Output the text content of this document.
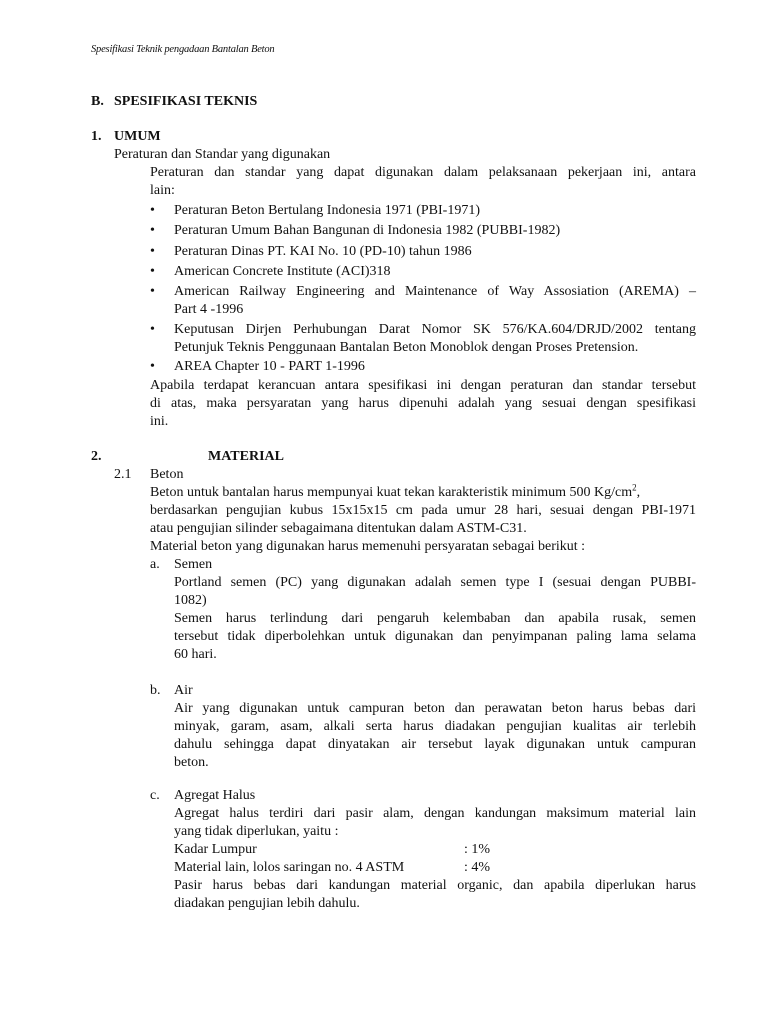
Spesifikasi Teknik pengadaan Bantalan Beton
B. SPESIFIKASI TEKNIS
1. UMUM
Peraturan dan Standar yang digunakan
Peraturan dan standar yang dapat digunakan dalam pelaksanaan pekerjaan ini, antara
lain:
• Peraturan Beton Bertulang Indonesia 1971 (PBI-1971)
• Peraturan Umum Bahan Bangunan di Indonesia 1982 (PUBBI-1982)
• Peraturan Dinas PT. KAI No. 10 (PD-10) tahun 1986
• American Concrete Institute (ACI)318
• American Railway Engineering and Maintenance of Way Assosiation (AREMA) –
Part 4 -1996
• Keputusan Dirjen Perhubungan Darat Nomor SK 576/KA.604/DRJD/2002 tentang
Petunjuk Teknis Penggunaan Bantalan Beton Monoblok dengan Proses Pretension.
• AREA Chapter 10 - PART 1-1996
Apabila terdapat kerancuan antara spesifikasi ini dengan peraturan dan standar tersebut
di atas, maka persyaratan yang harus dipenuhi adalah yang sesuai dengan spesifikasi
ini.
2.	MATERIAL
2.1 Beton
Beton untuk bantalan harus mempunyai kuat tekan karakteristik minimum 500 $Kg/cm^2$,
berdasarkan pengujian kubus 15x15x15 cm pada umur 28 hari, sesuai dengan PBI-1971
atau pengujian silinder sebagaimana ditentukan dalam ASTM-C31.
Material beton yang digunakan harus memenuhi persyaratan sebagai berikut :
a. Semen
Portland semen (PC) yang digunakan adalah semen type I (sesuai dengan PUBBI-
1082)
Semen harus terlindung dari pengaruh kelembaban dan apabila rusak, semen
tersebut tidak diperbolehkan untuk digunakan dan penyimpanan paling lama selama
60 hari.
b. Air
Air yang digunakan untuk campuran beton dan perawatan beton harus bebas dari
minyak, garam, asam, alkali serta harus diadakan pengujian kualitas air terlebih
dahulu sehingga dapat dinyatakan air tersebut layak digunakan untuk campuran
beton.
c. Agregat Halus
Agregat halus terdiri dari pasir alam, dengan kandungan maksimum material lain
yang tidak diperlukan, yaitu :
Kadar Lumpur	: 1%
Material lain, lolos saringan no. 4 ASTM	: 4%
Pasir harus bebas dari kandungan material organic, dan apabila diperlukan harus
diadakan pengujian lebih dahulu.
